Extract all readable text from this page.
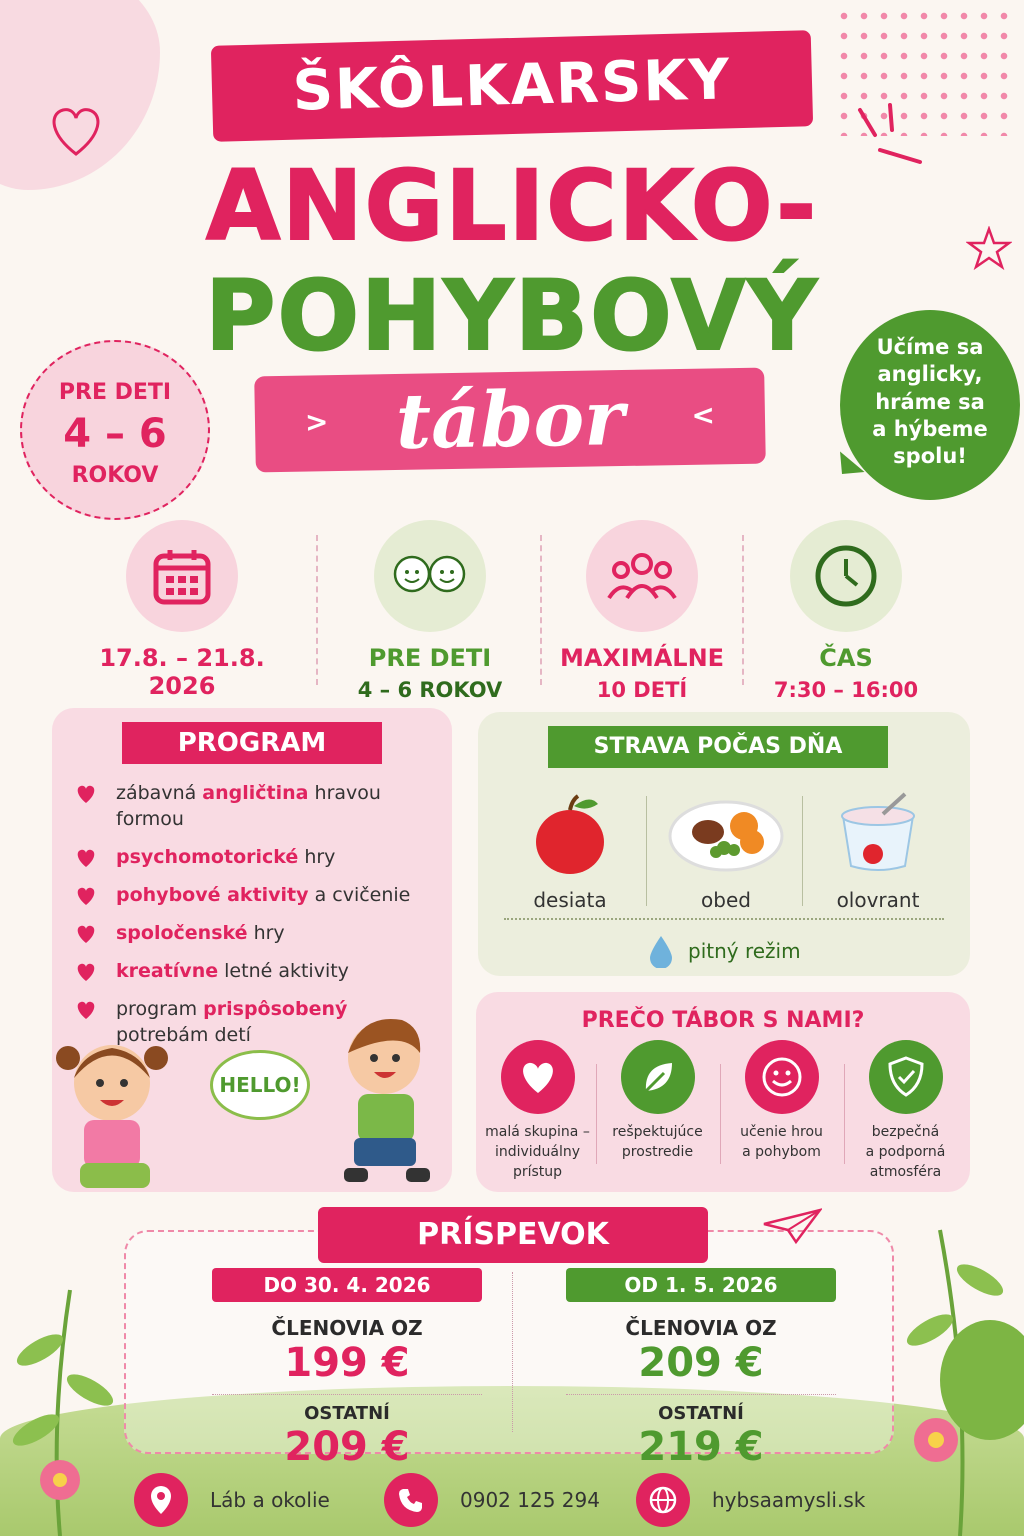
ŠKÔLKARSKY
ANGLICKO-
POHYBOVÝ
> tábor	<
PRE DETI
4 – 6
ROKOV
Učíme sa
anglicky,
hráme sa
a hýbeme
spolu!
17.8. – 21.8. 2026
PRE DETI
4 – 6 ROKOV
MAXIMÁLNE
10 DETÍ
ČAS
7:30 – 16:00
PROGRAM
zábavná angličtina hravou formou
psychomotorické hry
pohybové aktivity a cvičenie
spoločenské hry
kreatívne letné aktivity
program prispôsobený potrebám detí
HELLO!
STRAVA POČAS DŇA
desiata	obed	olovrant
pitný režim
PREČO TÁBOR S NAMI?
malá skupina –
individuálny
prístup
rešpektujúce
prostredie
učenie hrou
a pohybom
bezpečná
a podporná
atmosféra
PRÍSPEVOK
DO 30. 4. 2026
ČLENOVIA OZ
199 €
OSTATNÍ
209 €
OD 1. 5. 2026
ČLENOVIA OZ
209 €
OSTATNÍ
219 €
Láb a okolie	0902 125 294	hybsaamysli.sk
